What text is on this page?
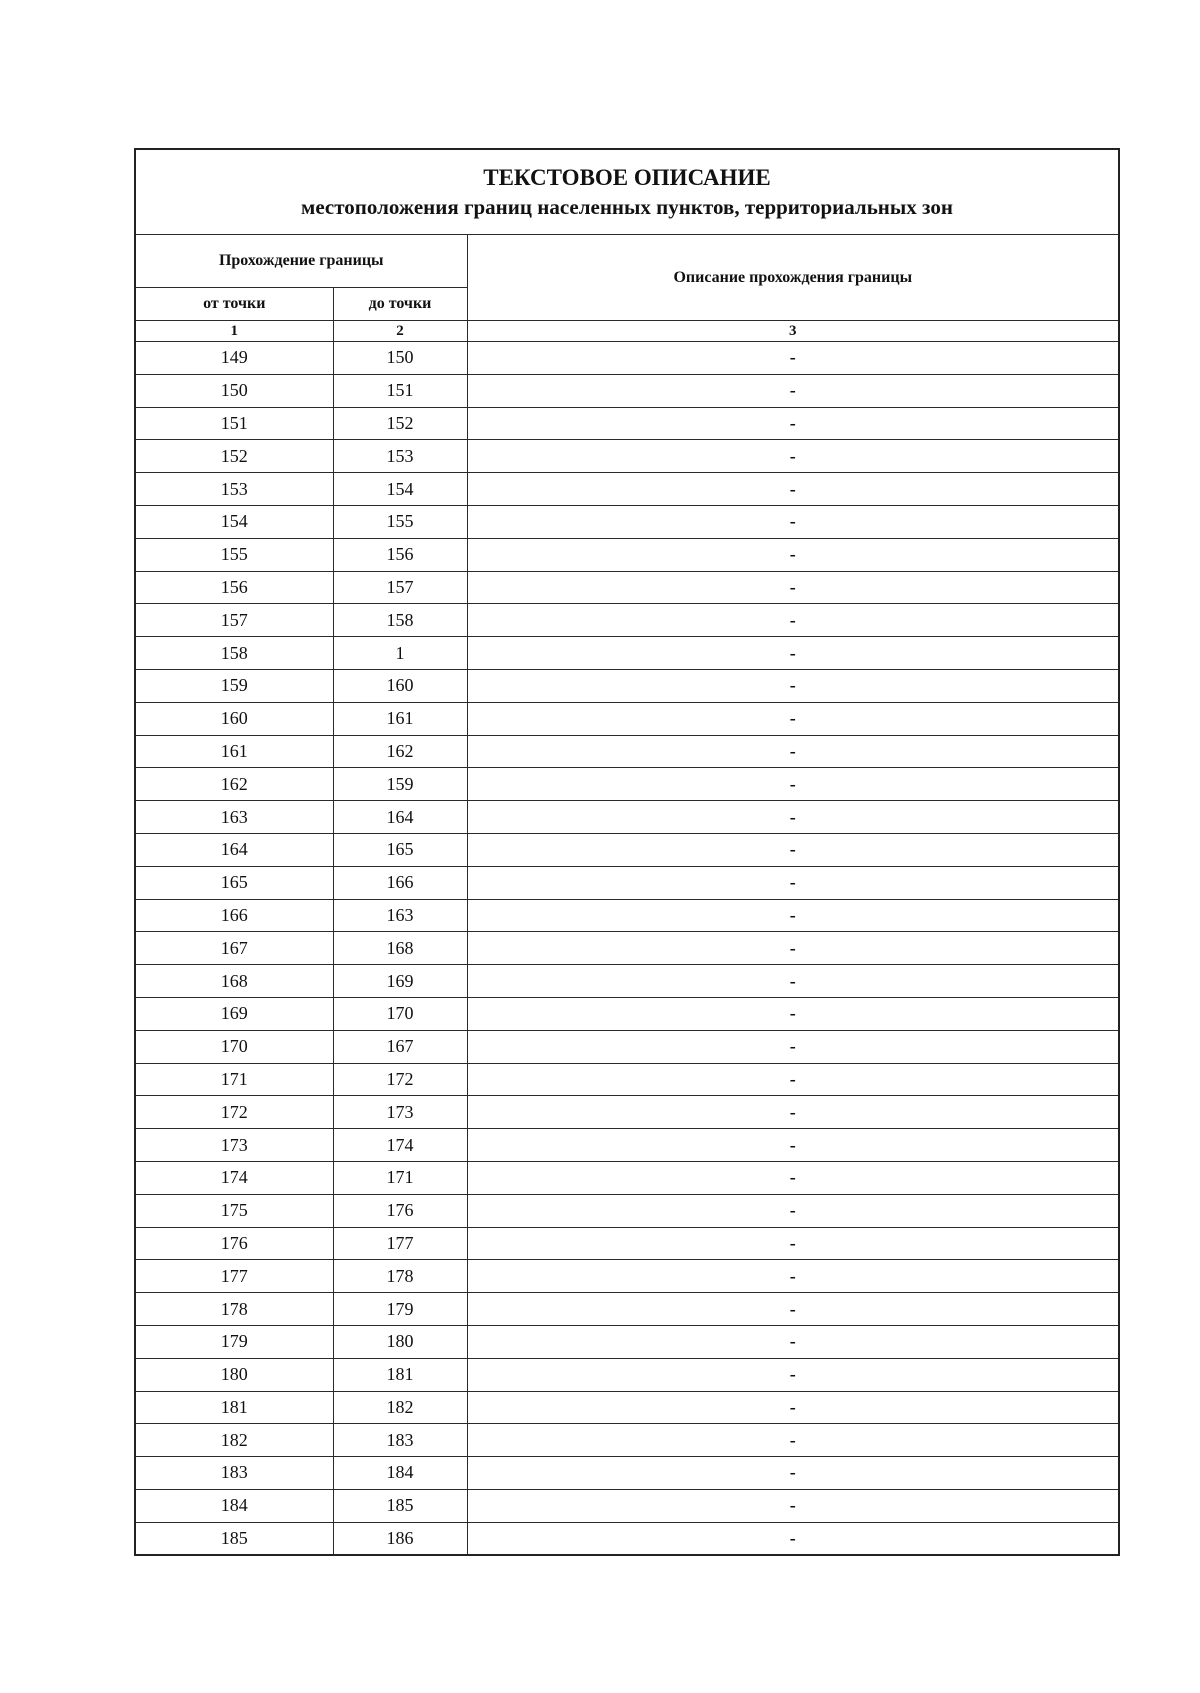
ТЕКСТОВОЕ ОПИСАНИЕ
местоположения границ населенных пунктов, территориальных зон		

Прохождение границы		Описание прохождения границы
от точки	до точки	
1	2	3
149	150	-
150	151	-
151	152	-
152	153	-
153	154	-
154	155	-
155	156	-
156	157	-
157	158	-
158	1	-
159	160	-
160	161	-
161	162	-
162	159	-
163	164	-
164	165	-
165	166	-
166	163	-
167	168	-
168	169	-
169	170	-
170	167	-
171	172	-
172	173	-
173	174	-
174	171	-
175	176	-
176	177	-
177	178	-
178	179	-
179	180	-
180	181	-
181	182	-
182	183	-
183	184	-
184	185	-
185	186	-
